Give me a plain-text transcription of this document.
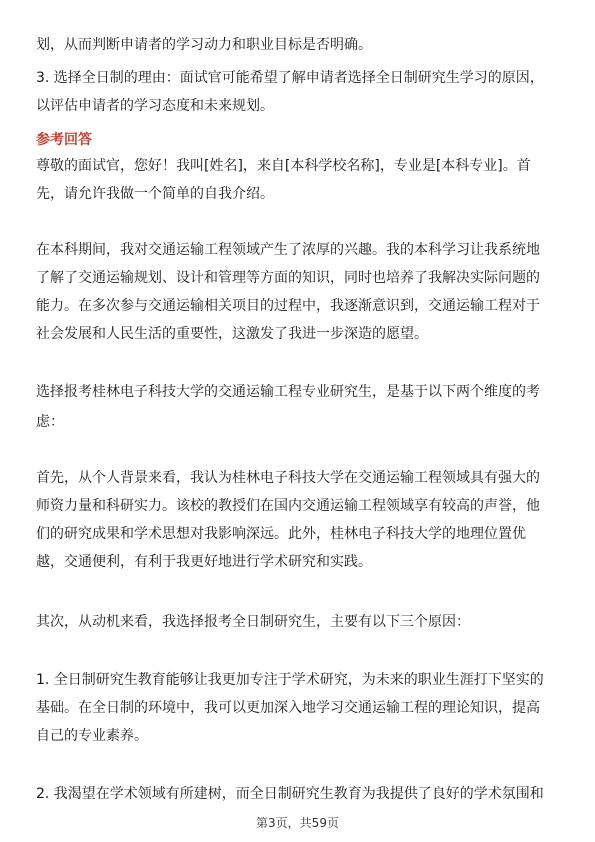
划，从而判断申请者的学习动力和职业目标是否明确。
3. 选择全日制的理由：面试官可能希望了解申请者选择全日制研究生学习的原因，
以评估申请者的学习态度和未来规划。
参考回答
尊敬的面试官，您好！我叫[姓名]，来自[本科学校名称]，专业是[本科专业]。首
先，请允许我做一个简单的自我介绍。
在本科期间，我对交通运输工程领域产生了浓厚的兴趣。我的本科学习让我系统地
了解了交通运输规划、设计和管理等方面的知识，同时也培养了我解决实际问题的
能力。在多次参与交通运输相关项目的过程中，我逐渐意识到，交通运输工程对于
社会发展和人民生活的重要性，这激发了我进一步深造的愿望。
选择报考桂林电子科技大学的交通运输工程专业研究生，是基于以下两个维度的考
虑：
首先，从个人背景来看，我认为桂林电子科技大学在交通运输工程领域具有强大的
师资力量和科研实力。该校的教授们在国内交通运输工程领域享有较高的声誉，他
们的研究成果和学术思想对我影响深远。此外，桂林电子科技大学的地理位置优
越，交通便利，有利于我更好地进行学术研究和实践。
其次，从动机来看，我选择报考全日制研究生，主要有以下三个原因：
1. 全日制研究生教育能够让我更加专注于学术研究，为未来的职业生涯打下坚实的
基础。在全日制的环境中，我可以更加深入地学习交通运输工程的理论知识，提高
自己的专业素养。
2. 我渴望在学术领域有所建树，而全日制研究生教育为我提供了良好的学术氛围和
第3页，共59页
